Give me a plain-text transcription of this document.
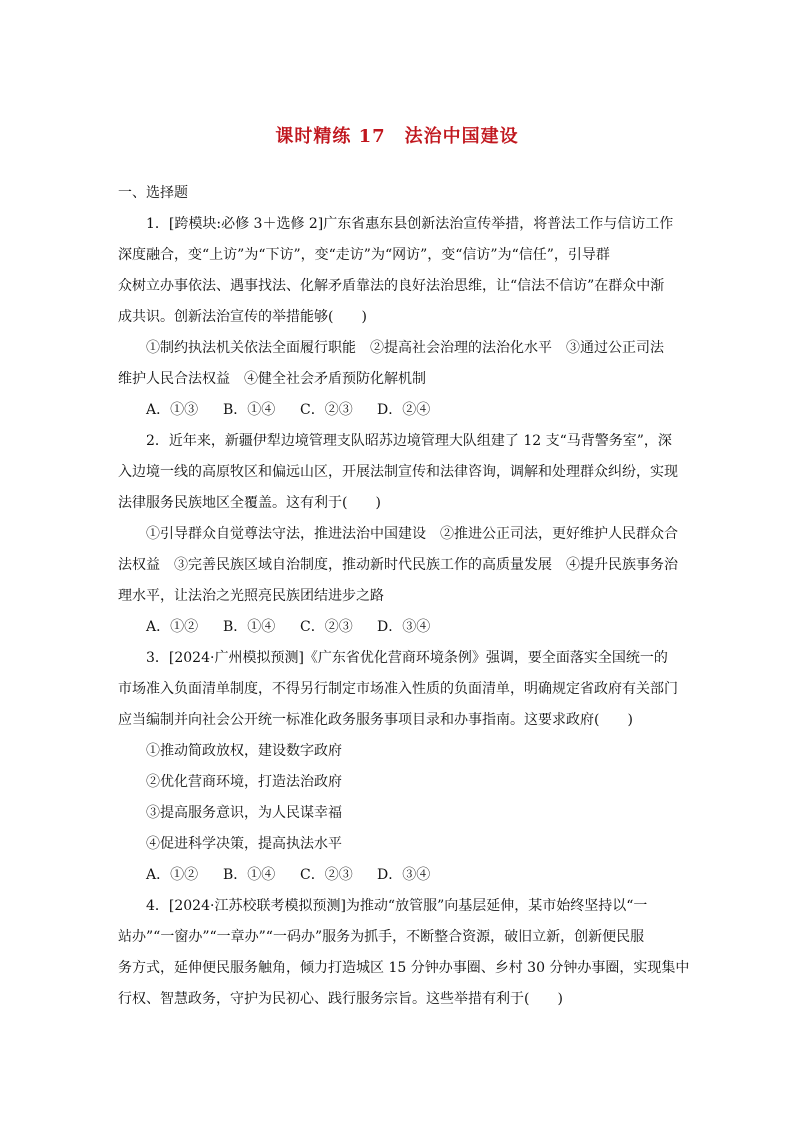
课时精练 17　法治中国建设
一、选择题
1．[跨模块:必修 3＋选修 2]广东省惠东县创新法治宣传举措，将普法工作与信访工作
深度融合，变“上访”为“下访”，变“走访”为“网访”，变“信访”为“信任”，引导群
众树立办事依法、遇事找法、化解矛盾靠法的良好法治思维，让“信法不信访”在群众中渐
成共识。创新法治宣传的举措能够(　　)
①制约执法机关依法全面履行职能　②提高社会治理的法治化水平　③通过公正司法
维护人民合法权益　④健全社会矛盾预防化解机制
A．①③ B．①④ C．②③ D．②④
2．近年来，新疆伊犁边境管理支队昭苏边境管理大队组建了 12 支“马背警务室”，深
入边境一线的高原牧区和偏远山区，开展法制宣传和法律咨询，调解和处理群众纠纷，实现
法律服务民族地区全覆盖。这有利于(　　)
①引导群众自觉尊法守法，推进法治中国建设　②推进公正司法，更好维护人民群众合
法权益　③完善民族区域自治制度，推动新时代民族工作的高质量发展　④提升民族事务治
理水平，让法治之光照亮民族团结进步之路
A．①② B．①④ C．②③ D．③④
3．[2024·广州模拟预测]《广东省优化营商环境条例》强调，要全面落实全国统一的
市场准入负面清单制度，不得另行制定市场准入性质的负面清单，明确规定省政府有关部门
应当编制并向社会公开统一标准化政务服务事项目录和办事指南。这要求政府(　　)
①推动简政放权，建设数字政府
②优化营商环境，打造法治政府
③提高服务意识，为人民谋幸福
④促进科学决策，提高执法水平
A．①② B．①④ C．②③ D．③④
4．[2024·江苏校联考模拟预测]为推动“放管服”向基层延伸，某市始终坚持以“一
站办”“一窗办”“一章办”“一码办”服务为抓手，不断整合资源，破旧立新，创新便民服
务方式，延伸便民服务触角，倾力打造城区 15 分钟办事圈、乡村 30 分钟办事圈，实现集中
行权、智慧政务，守护为民初心、践行服务宗旨。这些举措有利于(　　)
